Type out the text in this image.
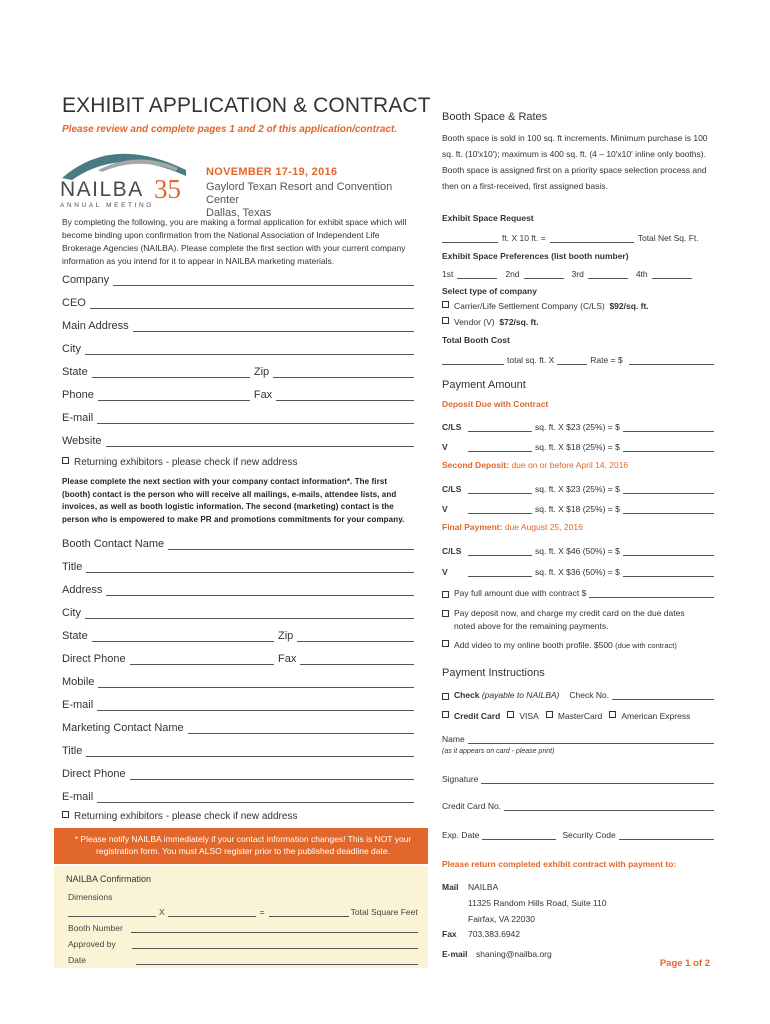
EXHIBIT APPLICATION & CONTRACT
Please review and complete pages 1 and 2 of this application/contract.
NAILBA 35
ANNUAL MEETING
NOVEMBER 17-19, 2016
Gaylord Texan Resort and Convention Center
Dallas, Texas
By completing the following, you are making a formal application for exhibit space which will become binding upon confirmation from the National Association of Independent Life Brokerage Agencies (NAILBA). Please complete the first section with your current company information as you intend for it to appear in NAILBA marketing materials.
Company
CEO
Main Address
City
State	Zip
Phone	Fax
E-mail
Website
Returning exhibitors - please check if new address
Please complete the next section with your company contact information*. The first (booth) contact is the person who will receive all mailings, e-mails, attendee lists, and invoices, as well as booth logistic information. The second (marketing) contact is the person who is empowered to make PR and promotions commitments for your company.
Booth Contact Name
Title
Address
City
State	Zip
Direct Phone	Fax
Mobile
E-mail
Marketing Contact Name
Title
Direct Phone
E-mail
Returning exhibitors - please check if new address
* Please notify NAILBA immediately if your contact information changes! This is NOT your registration form. You must ALSO register prior to the published deadline date.
NAILBA Confirmation
Dimensions
X	=	Total Square Feet
Booth Number
Approved by
Date
Booth Space & Rates
Booth space is sold in 100 sq. ft increments. Minimum purchase is 100 sq. ft. (10'x10'); maximum is 400 sq. ft. (4 – 10'x10' inline only booths). Booth space is assigned first on a priority space selection process and then on a first-received, first assigned basis.
Exhibit Space Request
ft. X 10 ft. =	Total Net Sq. Ft.
Exhibit Space Preferences (list booth number)
1st	2nd	3rd	4th
Select type of company
Carrier/Life Settlement Company (C/LS) $92/sq. ft.
Vendor (V) $72/sq. ft.
Total Booth Cost
total sq. ft. X	Rate = $
Payment Amount
Deposit Due with Contract
C/LS	sq. ft. X $23 (25%) = $
V	sq. ft. X $18 (25%) = $
Second Deposit: due on or before April 14, 2016
C/LS	sq. ft. X $23 (25%) = $
V	sq. ft. X $18 (25%) = $
Final Payment: due August 25, 2016
C/LS	sq. ft. X $46 (50%) = $
V	sq. ft. X $36 (50%) = $
Pay full amount due with contract $
Pay deposit now, and charge my credit card on the due dates noted above for the remaining payments.
Add video to my online booth profile. $500 (due with contract)
Payment Instructions
Check
(payable to NAILBA) Check No.
Credit Card VISA MasterCard American Express
Name
(as it appears on card - please print)
Signature
Credit Card No.
Exp. Date	Security Code
Please return completed exhibit contract with payment to:
Mail	NAILBA
11325 Random Hills Road, Suite 110
Fairfax, VA 22030
Fax 703.383.6942
E-mail shaning@nailba.org
Page 1 of 2
